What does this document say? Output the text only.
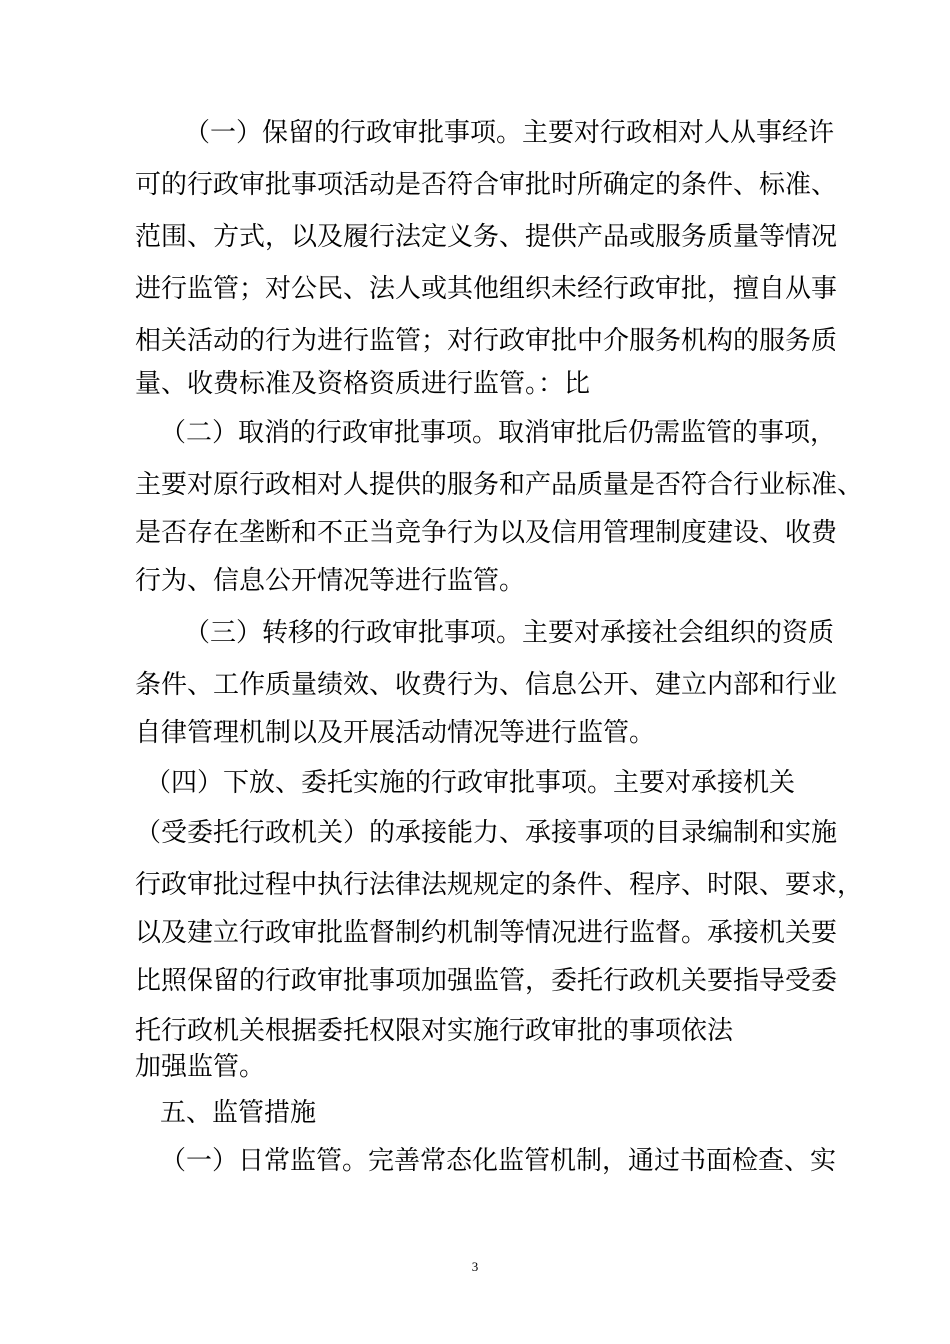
（一）保留的行政审批事项。主要对行政相对人从事经许

可的行政审批事项活动是否符合审批时所确定的条件、标准、

范围、方式，以及履行法定义务、提供产品或服务质量等情况

进行监管；对公民、法人或其他组织未经行政审批，擅自从事

相关活动的行为进行监管；对行政审批中介服务机构的服务质

量、收费标准及资格资质进行监管。：比

（二）取消的行政审批事项。取消审批后仍需监管的事项，

主要对原行政相对人提供的服务和产品质量是否符合行业标准、

是否存在垄断和不正当竞争行为以及信用管理制度建设、收费

行为、信息公开情况等进行监管。

（三）转移的行政审批事项。主要对承接社会组织的资质

条件、工作质量绩效、收费行为、信息公开、建立内部和行业

自律管理机制以及开展活动情况等进行监管。

（四）下放、委托实施的行政审批事项。主要对承接机关

（受委托行政机关）的承接能力、承接事项的目录编制和实施

行政审批过程中执行法律法规规定的条件、程序、时限、要求，

以及建立行政审批监督制约机制等情况进行监督。承接机关要

比照保留的行政审批事项加强监管，委托行政机关要指导受委

托行政机关根据委托权限对实施行政审批的事项依法

加强监管。

五、监管措施

（一）日常监管。完善常态化监管机制，通过书面检查、实

3
